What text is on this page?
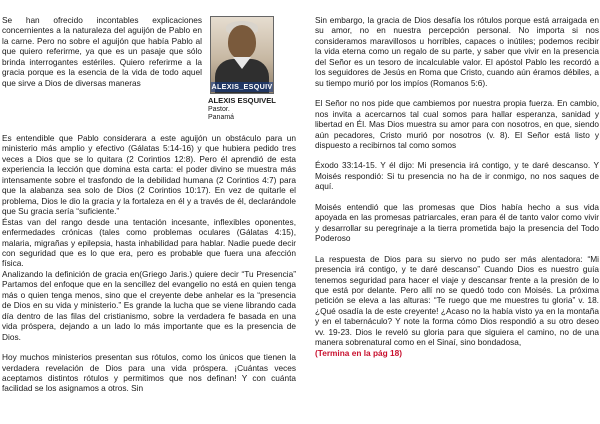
ALEXIS_ESQUIV
ALEXIS ESQUIVEL
Pastor.
Panamá

Se han ofrecido incontables explicaciones concernientes a la naturaleza del aguijón de Pablo en la carne. Pero no sobre el aguijón que había Pablo al que quiero referirme, ya que es un pasaje que sólo brinda interrogantes estériles. Quiero referirme a la gracia porque es la esencia de la vida de todo aquel que sirve a Dios de diversas maneras

Es entendible que Pablo considerara a este aguijón un obstáculo para un ministerio más amplio y efectivo (Gálatas 5:14-16) y que hubiera pedido tres veces a Dios que se lo quitara (2 Corintios 12:8). Pero él aprendió de esta experiencia la lección que domina esta carta: el poder divino se muestra más intensamente sobre el trasfondo de la debilidad humana (2 Corintios 4:7) para que la alabanza sea solo de Dios (2 Corintios 10:17). En vez de quitarle el problema, Dios le dio la gracia y la fortaleza en él y a través de él, declarándole que Su gracia sería “suficiente.”

Éstas van del rango desde una tentación incesante, inflexibles oponentes, enfermedades crónicas (tales como problemas oculares (Gálatas 4:15), malaria, migrañas y epilepsia, hasta inhabilidad para hablar. Nadie puede decir con seguridad que es lo que era, pero es probable que fuera una afección física.

Analizando la definición de gracia en(Griego Jaris.) quiere decir “Tu Presencia” Partamos del enfoque que en la sencillez del evangelio no está en quien tenga más o quien tenga menos, sino que el creyente debe anhelar es la “presencia de Dios en su vida y ministerio.” Es grande la lucha que se viene librando cada día dentro de las filas del cristianismo, sobre la verdadera fe basada en una vida próspera, dejando a un lado lo más importante que es la presencia de Dios.

Hoy muchos ministerios presentan sus rótulos, como los únicos que tienen la verdadera revelación de Dios para una vida próspera. ¡Cuántas veces aceptamos distintos rótulos y permitimos que nos definan! Y con cuánta facilidad se los asignamos a otros. Sin

Sin embargo, la gracia de Dios desafía los rótulos porque está arraigada en su amor, no en nuestra percepción personal. No importa si nos consideramos maravillosos u horribles, capaces o inútiles; podemos recibir la vida eterna como un regalo de su parte, y saber que vivir en la presencia del Señor es un tesoro de incalculable valor. El apóstol Pablo les recordó a los seguidores de Jesús en Roma que Cristo, cuando aún éramos débiles, a su tiempo murió por los impíos (Romanos 5:6).

El Señor no nos pide que cambiemos por nuestra propia fuerza. En cambio, nos invita a acercarnos tal cual somos para hallar esperanza, sanidad y libertad en Él. Mas Dios muestra su amor para con nosotros, en que, siendo aún pecadores, Cristo murió por nosotros (v. 8). El Señor está listo y dispuesto a recibirnos tal como somos

Éxodo 33:14-15. Y él dijo: Mi presencia irá contigo, y te daré descanso. Y Moisés respondió: Si tu presencia no ha de ir conmigo, no nos saques de aquí.

Moisés entendió que las promesas que Dios había hecho a sus vida apoyada en las promesas patriarcales, eran para él de tanto valor como vivir y desarrollar su peregrinaje a la tierra prometida bajo la presencia del Todo Poderoso

La respuesta de Dios para su siervo no pudo ser más alentadora: “Mi presencia irá contigo, y te daré descanso” Cuando Dios es nuestro guía tenemos seguridad para hacer el viaje y descansar frente a la presión de lo que está por delante. Pero allí no se quedó todo con Moisés. La próxima petición se eleva a las alturas: “Te ruego que me muestres tu gloria” v. 18. ¿Qué osadía la de este creyente! ¿Acaso no la había visto ya en la montaña y en el tabernáculo? Y note la forma cómo Dios respondió a su otro deseo vv. 19-23. Dios le reveló su gloria para que siguiera el camino, no de una manera sobrenatural como en el Sinaí, sino bondadosa,
(Termina en la pág 18)
